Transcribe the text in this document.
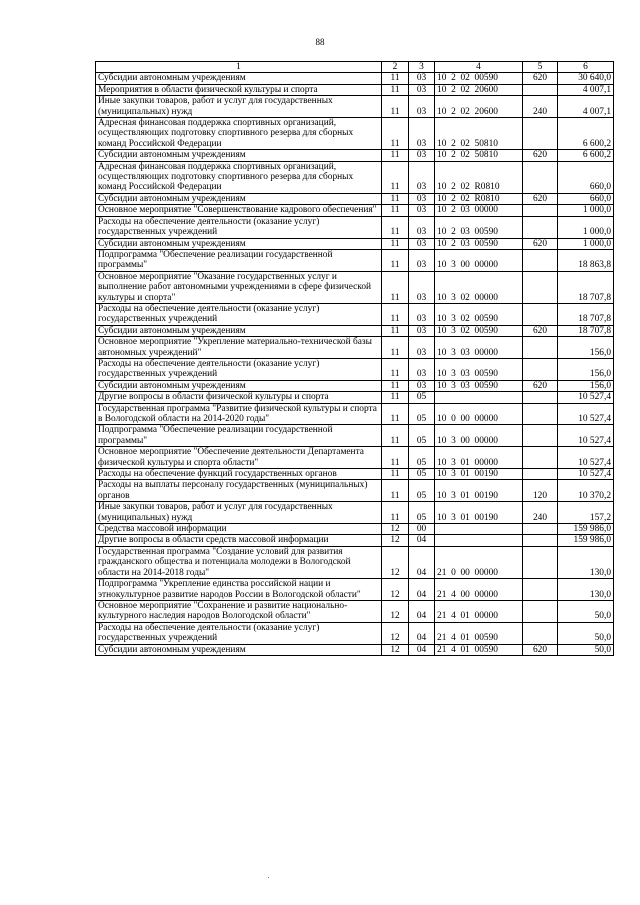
88
1	2	3	4	5	6
Субсидии автономным учреждениям	11	03	10  2  02  00590	620	30 640,0
Мероприятия в области физической культуры и спорта	11	03	10  2  02  20600		4 007,1
Иные закупки товаров, работ и услуг для государственных (муниципальных) нужд	11	03	10  2  02  20600	240	4 007,1
Адресная финансовая поддержка спортивных организаций, осуществляющих подготовку спортивного резерва для сборных команд Российской Федерации	11	03	10  2  02  50810		6 600,2
Субсидии автономным учреждениям	11	03	10  2  02  50810	620	6 600,2
Адресная финансовая поддержка спортивных организаций, осуществляющих подготовку спортивного резерва для сборных команд Российской Федерации	11	03	10  2  02  R0810		660,0
Субсидии автономным учреждениям	11	03	10  2  02  R0810	620	660,0
Основное мероприятие "Совершенствование кадрового обеспечения"	11	03	10  2  03  00000		1 000,0
Расходы на обеспечение деятельности (оказание услуг) государственных учреждений	11	03	10  2  03  00590		1 000,0
Субсидии автономным учреждениям	11	03	10  2  03  00590	620	1 000,0
Подпрограмма "Обеспечение реализации государственной программы"	11	03	10  3  00  00000		18 863,8
Основное мероприятие "Оказание государственных услуг и выполнение работ автономными учреждениями в сфере физической культуры и спорта"	11	03	10  3  02  00000		18 707,8
Расходы на обеспечение деятельности (оказание услуг) государственных учреждений	11	03	10  3  02  00590		18 707,8
Субсидии автономным учреждениям	11	03	10  3  02  00590	620	18 707,8
Основное мероприятие "Укрепление материально-технической базы автономных учреждений"	11	03	10  3  03  00000		156,0
Расходы на обеспечение деятельности (оказание услуг) государственных учреждений	11	03	10  3  03  00590		156,0
Субсидии автономным учреждениям	11	03	10  3  03  00590	620	156,0
Другие вопросы в области физической культуры и спорта	11	05			10 527,4
Государственная программа "Развитие физической культуры и спорта в Вологодской области на 2014-2020 годы"	11	05	10  0  00  00000		10 527,4
Подпрограмма "Обеспечение реализации государственной программы"	11	05	10  3  00  00000		10 527,4
Основное мероприятие "Обеспечение деятельности Департамента физической культуры и спорта области"	11	05	10  3  01  00000		10 527,4
Расходы на обеспечение функций государственных органов	11	05	10  3  01  00190		10 527,4
Расходы на выплаты персоналу государственных (муниципальных) органов	11	05	10  3  01  00190	120	10 370,2
Иные закупки товаров, работ и услуг для государственных (муниципальных) нужд	11	05	10  3  01  00190	240	157,2
Средства массовой информации	12	00			159 986,0
Другие вопросы в области средств массовой информации	12	04			159 986,0
Государственная программа "Создание условий для развития гражданского общества и потенциала молодежи в Вологодской области на 2014-2018 годы"	12	04	21  0  00  00000		130,0
Подпрограмма "Укрепление единства российской нации и этнокультурное развитие народов России в Вологодской области"	12	04	21  4  00  00000		130,0
Основное мероприятие "Сохранение и развитие национально-культурного наследия народов Вологодской области"	12	04	21  4  01  00000		50,0
Расходы на обеспечение деятельности (оказание услуг) государственных учреждений	12	04	21  4  01  00590		50,0
Субсидии автономным учреждениям	12	04	21  4  01  00590	620	50,0
